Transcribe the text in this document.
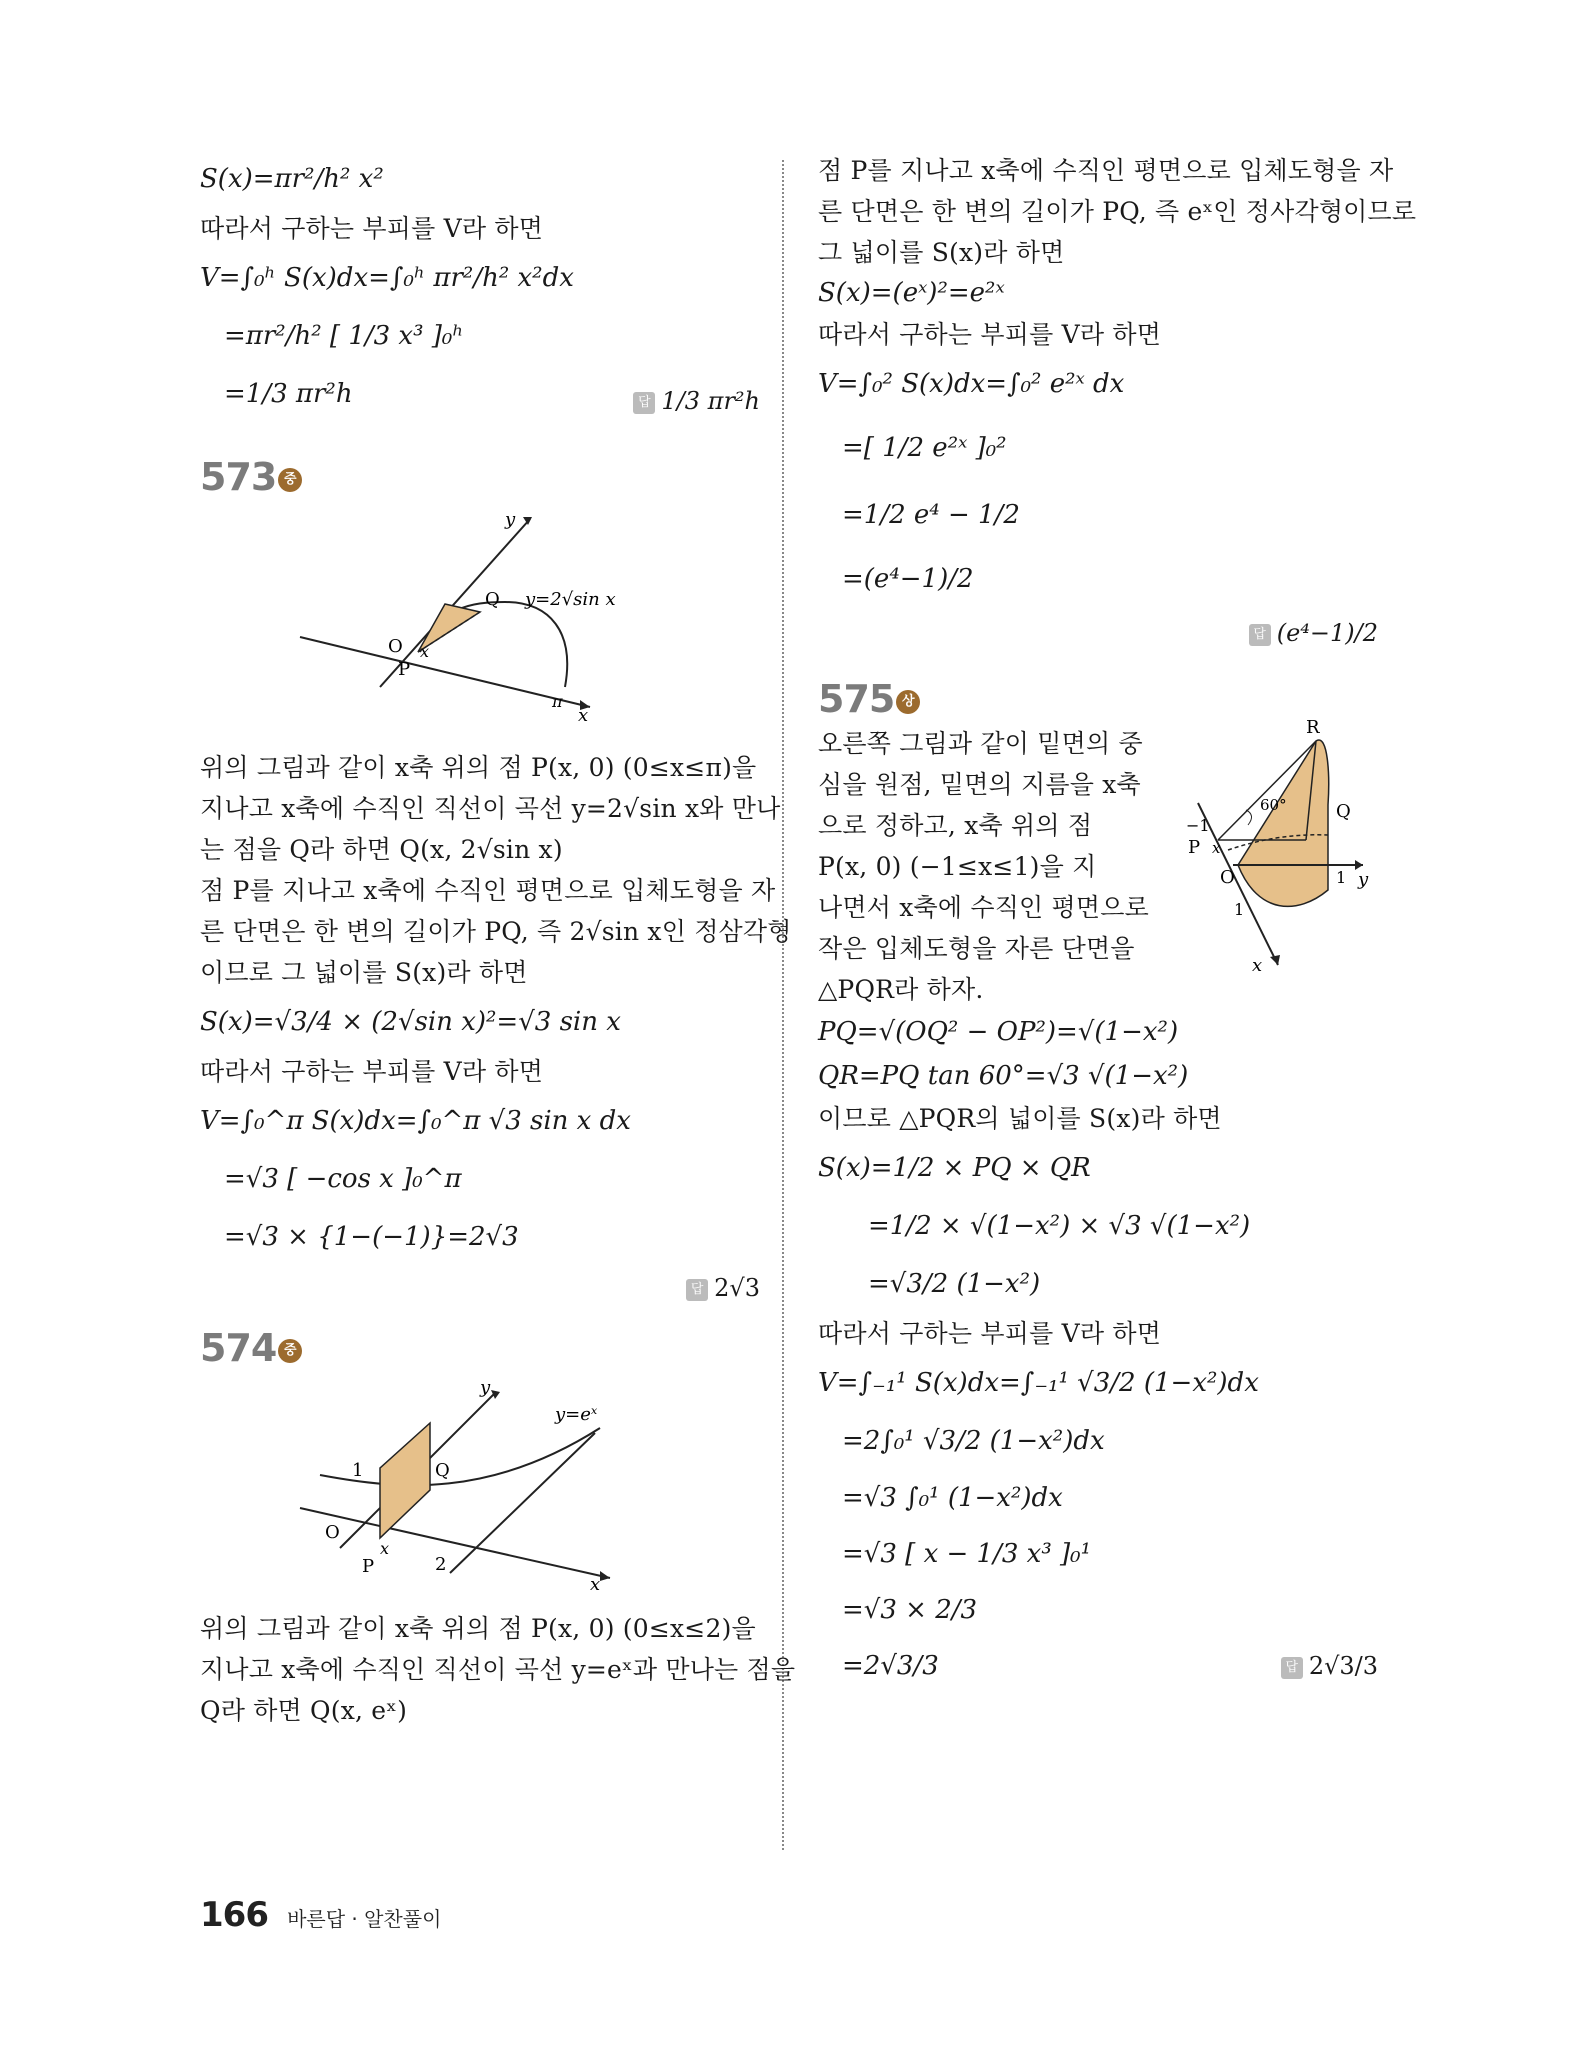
S(x)=πr²/h² x²
따라서 구하는 부피를 V라 하면
V=∫₀ʰ S(x)dx=∫₀ʰ πr²/h² x²dx
=πr²/h² [ 1/3 x³ ]₀ʰ
=1/3 πr²h	답 1/3 πr²h
573 중
y
Q y=2√sin x
O x
P
π
x
위의 그림과 같이 x축 위의 점 P(x, 0) (0≤x≤π)을
지나고 x축에 수직인 직선이 곡선 y=2√sin x와 만나
는 점을 Q라 하면 Q(x, 2√sin x)
점 P를 지나고 x축에 수직인 평면으로 입체도형을 자
른 단면은 한 변의 길이가 PQ, 즉 2√sin x인 정삼각형
이므로 그 넓이를 S(x)라 하면
S(x)=√3/4 × (2√sin x)²=√3 sin x
따라서 구하는 부피를 V라 하면
V=∫₀^π S(x)dx=∫₀^π √3 sin x dx
=√3 [ −cos x ]₀^π
=√3 × {1−(−1)}=2√3
답 2√3
574 중
y
y=eˣ
1	Q
O
x
P	2
x
위의 그림과 같이 x축 위의 점 P(x, 0) (0≤x≤2)을
지나고 x축에 수직인 직선이 곡선 y=eˣ과 만나는 점을
Q라 하면 Q(x, eˣ)
점 P를 지나고 x축에 수직인 평면으로 입체도형을 자
른 단면은 한 변의 길이가 PQ, 즉 eˣ인 정사각형이므로
그 넓이를 S(x)라 하면
S(x)=(eˣ)²=e²ˣ
따라서 구하는 부피를 V라 하면
V=∫₀² S(x)dx=∫₀² e²ˣ dx
=[ 1/2 e²ˣ ]₀²
=1/2 e⁴ − 1/2
=(e⁴−1)/2
답 (e⁴−1)/2
575 상
R
60°	Q
−1
P x
O	1 y
1
x
오른쪽 그림과 같이 밑면의 중
심을 원점, 밑면의 지름을 x축
으로 정하고, x축 위의 점
P(x, 0) (−1≤x≤1)을 지
나면서 x축에 수직인 평면으로
작은 입체도형을 자른 단면을
△PQR라 하자.
PQ=√(OQ² − OP²)=√(1−x²)
QR=PQ tan 60°=√3 √(1−x²)
이므로 △PQR의 넓이를 S(x)라 하면
S(x)=1/2 × PQ × QR
=1/2 × √(1−x²) × √3 √(1−x²)
=√3/2 (1−x²)
따라서 구하는 부피를 V라 하면
V=∫₋₁¹ S(x)dx=∫₋₁¹ √3/2 (1−x²)dx
=2∫₀¹ √3/2 (1−x²)dx
=√3 ∫₀¹ (1−x²)dx
=√3 [ x − 1/3 x³ ]₀¹
=√3 × 2/3
=2√3/3	답 2√3/3
166 바른답 · 알찬풀이
